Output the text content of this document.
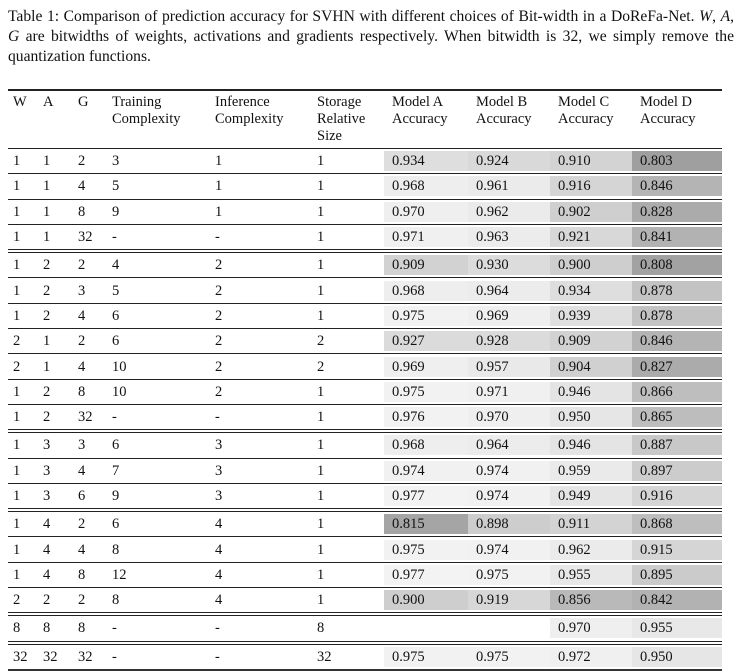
Table 1: Comparison of prediction accuracy for SVHN with different choices of Bit-width in a DoReFa-Net. W, A, G are bitwidths of weights, activations and gradients respectively. When bitwidth is 32, we simply remove the quantization functions.
W	A	G	Training Complexity	Inference Complexity	Storage Relative Size	Model A Accuracy	Model B Accuracy	Model C Accuracy	Model D Accuracy
1	1	2	3	1	1	0.934	0.924	0.910	0.803

1	1	4	5	1	1	0.968	0.961	0.916	0.846

1	1	8	9	1	1	0.970	0.962	0.902	0.828

1	1	32	-	-	1	0.971	0.963	0.921	0.841

1	2	2	4	2	1	0.909	0.930	0.900	0.808

1	2	3	5	2	1	0.968	0.964	0.934	0.878

1	2	4	6	2	1	0.975	0.969	0.939	0.878

2	1	2	6	2	2	0.927	0.928	0.909	0.846

2	1	4	10	2	2	0.969	0.957	0.904	0.827

1	2	8	10	2	1	0.975	0.971	0.946	0.866

1	2	32	-	-	1	0.976	0.970	0.950	0.865

1	3	3	6	3	1	0.968	0.964	0.946	0.887

1	3	4	7	3	1	0.974	0.974	0.959	0.897

1	3	6	9	3	1	0.977	0.974	0.949	0.916

1	4	2	6	4	1	0.815	0.898	0.911	0.868

1	4	4	8	4	1	0.975	0.974	0.962	0.915

1	4	8	12	4	1	0.977	0.975	0.955	0.895

2	2	2	8	4	1	0.900	0.919	0.856	0.842

8	8	8	-	-	8			0.970	0.955

32	32	32	-	-	32	0.975	0.975	0.972	0.950
